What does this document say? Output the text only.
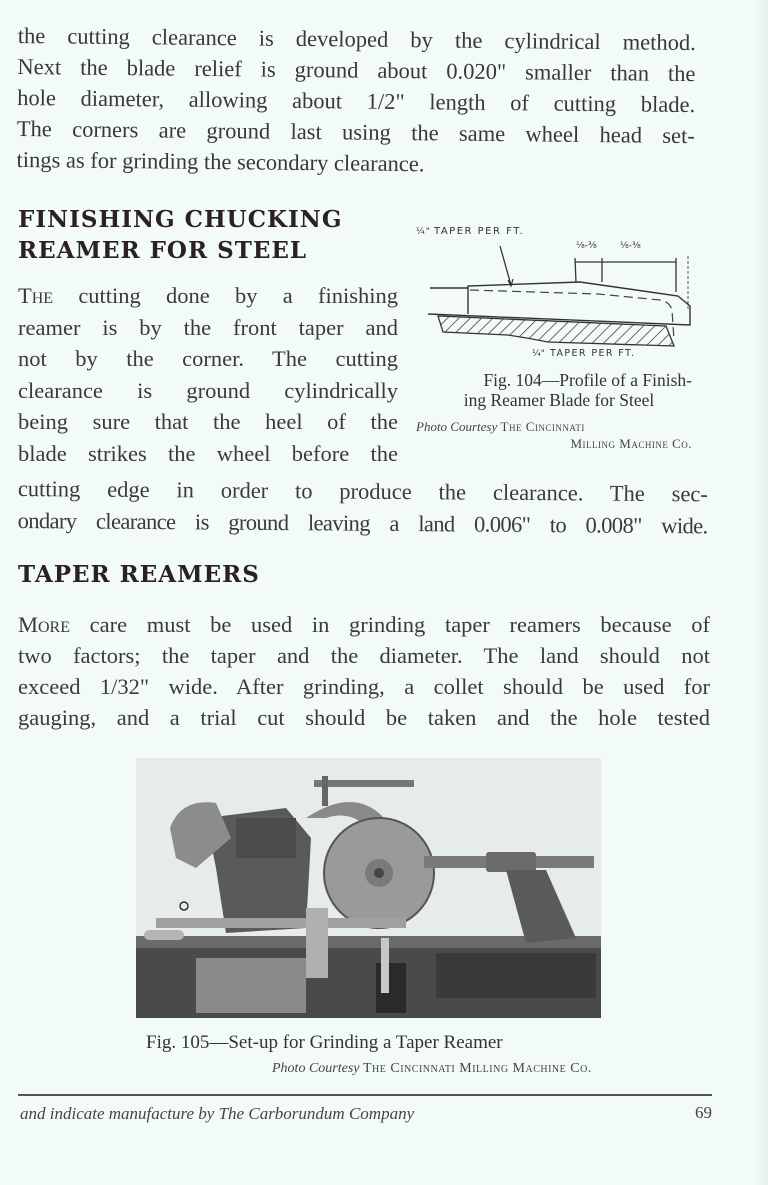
the cutting clearance is developed by the cylindrical method.
Next the blade relief is ground about 0.020" smaller than the
hole diameter, allowing about 1/2" length of cutting blade.
The corners are ground last using the same wheel head set-
tings as for grinding the secondary clearance.
FINISHING CHUCKING
REAMER FOR STEEL
The cutting done by a finishing
reamer is by the front taper and
not by the corner. The cutting
clearance is ground cylindrically
being sure that the heel of the
blade strikes the wheel before the
¼" TAPER PER FT.
⅛-⅜	⅛-⅜
¼" TAPER PER FT.
Fig. 104—Profile of a Finish-
ing Reamer Blade for Steel
Photo Courtesy The Cincinnati
Milling Machine Co.
cutting edge in order to produce the clearance. The sec-
ondary clearance is ground leaving a land 0.006" to 0.008" wide.
TAPER REAMERS
More care must be used in grinding taper reamers because of
two factors; the taper and the diameter. The land should not
exceed 1/32" wide. After grinding, a collet should be used for
gauging, and a trial cut should be taken and the hole tested
Fig. 105—Set-up for Grinding a Taper Reamer
Photo Courtesy The Cincinnati Milling Machine Co.
and indicate manufacture by The Carborundum Company	69
